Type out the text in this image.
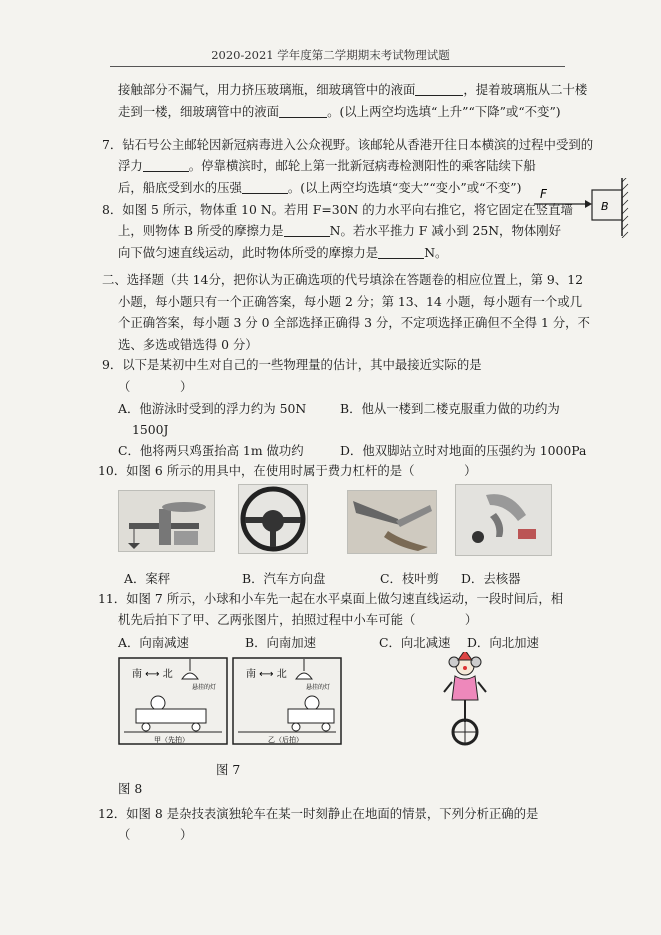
2020-2021 学年度第二学期期末考试物理试题
接触部分不漏气，用力挤压玻璃瓶，细玻璃管中的液面	，提着玻璃瓶从二十楼
走到一楼，细玻璃管中的液面	。(以上两空均选填“上升”“下降”或“不变”)
7．钻石号公主邮轮因新冠病毒进入公众视野。该邮轮从香港开往日本横滨的过程中受到的
浮力	。停靠横滨时，邮轮上第一批新冠病毒检测阳性的乘客陆续下船
后，船底受到水的压强	。(以上两空均选填“变大”“变小”或“不变”)
8．如图 5 所示，物体重 10 N。若用 F=30N 的力水平向右推它，将它固定在竖直墙
上，则物体 B 所受的摩擦力是	N。若水平推力 F 减小到 25N，物体刚好
向下做匀速直线运动，此时物体所受的摩擦力是	N。
F
B
二、选择题（共 14分，把你认为正确选项的代号填涂在答题卷的相应位置上，第 9、12
小题，每小题只有一个正确答案，每小题 2 分；第 13、14 小题，每小题有一个或几
个正确答案，每小题 3 分 0 全部选择正确得 3 分，不定项选择正确但不全得 1 分，不
选、多选或错选得 0 分）
9．以下是某初中生对自己的一些物理量的估计，其中最接近实际的是
（　　　　）
A．他游泳时受到的浮力约为 50N	B．他从一楼到二楼克服重力做的功约为
1500J
C．他将两只鸡蛋抬高 1m 做功约	D．他双脚站立时对地面的压强约为 1000Pa
10．如图 6 所示的用具中，在使用时属于费力杠杆的是（　　　　）
A．案秤	B．汽车方向盘	C．枝叶剪 D．去核器
11．如图 7 所示，小球和小车先一起在水平桌面上做匀速直线运动，一段时间后，相
机先后拍下了甲、乙两张图片，拍照过程中小车可能（　　　　）
A．向南减速	B．向南加速	C．向北减速 D．向北加速
南 ⟷ 北
悬挂的灯
甲（先拍）
南 ⟷ 北
悬挂的灯
乙（后拍）
图 7
图 8
12．如图 8 是杂技表演独轮车在某一时刻静止在地面的情景，下列分析正确的是
（　　　　）
